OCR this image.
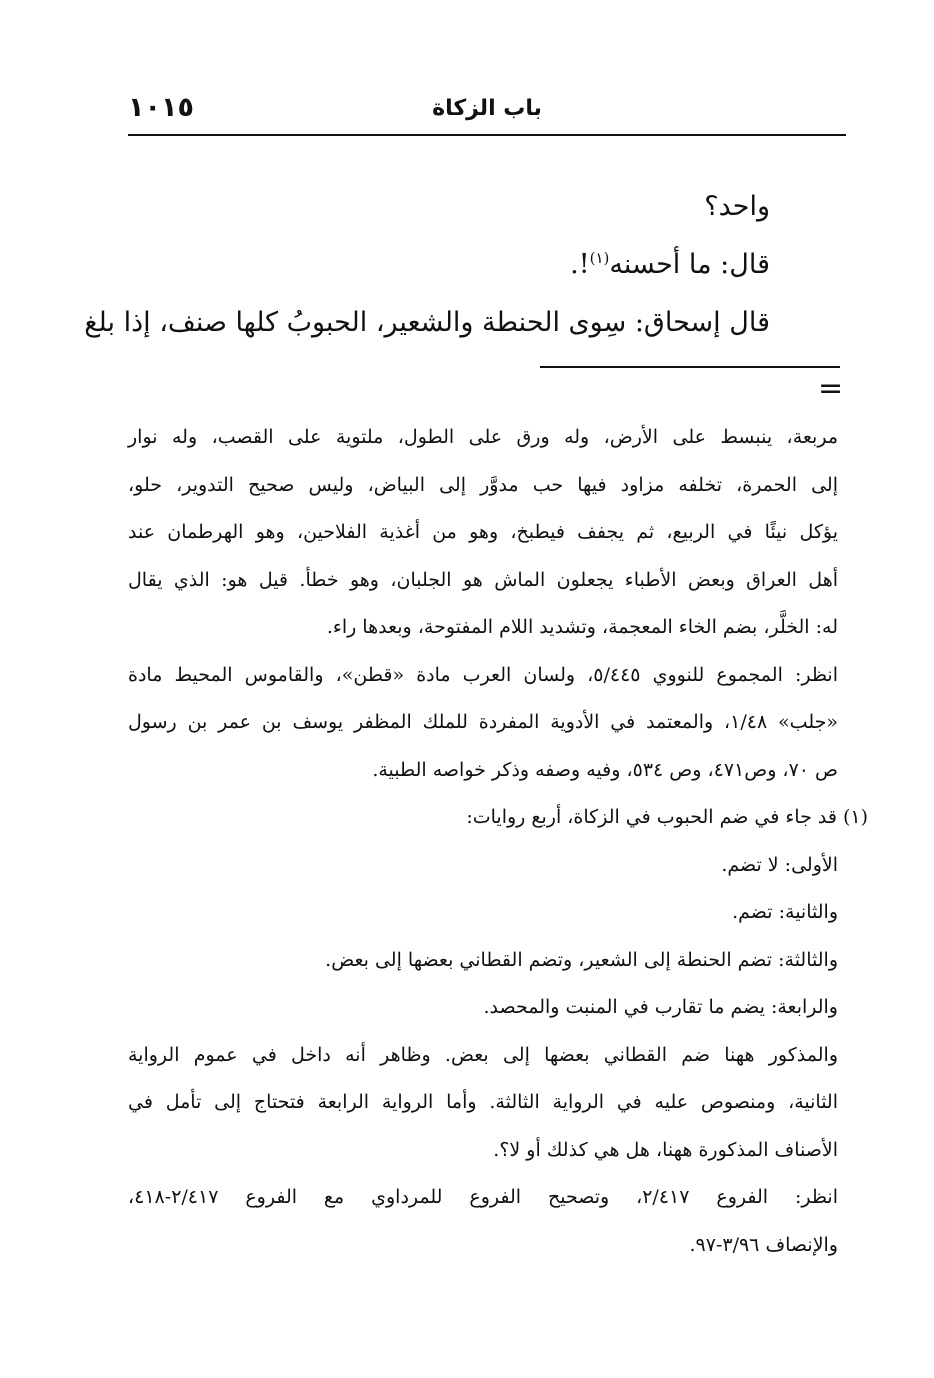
١٠١٥	باب الزكاة

واحد؟

قال: ما أحسنه$^{(١)}$!.

قال إسحاق: سِوى الحنطة والشعير، الحبوبُ كلها صنف، إذا بلغ

=
مربعة، ينبسط على الأرض، وله ورق على الطول، ملتوية على القصب، وله نوار
إلى الحمرة، تخلفه مزاود فيها حب مدوَّر إلى البياض، وليس صحيح التدوير، حلو،
يؤكل نيئًا في الربيع، ثم يجفف فيطبخ، وهو من أغذية الفلاحين، وهو الهرطمان عند
أهل العراق وبعض الأطباء يجعلون الماش هو الجلبان، وهو خطأ. قيل هو: الذي يقال
له: الخلَّر، بضم الخاء المعجمة، وتشديد اللام المفتوحة، وبعدها راء.
انظر: المجموع للنووي ٥/٤٤٥، ولسان العرب مادة «قطن»، والقاموس المحيط مادة
«جلب» ١/٤٨، والمعتمد في الأدوية المفردة للملك المظفر يوسف بن عمر بن رسول
ص ٧٠، وص٤٧١، وص ٥٣٤، وفيه وصفه وذكر خواصه الطبية.
(١) قد جاء في ضم الحبوب في الزكاة، أربع روايات:
الأولى: لا تضم.
والثانية: تضم.
والثالثة: تضم الحنطة إلى الشعير، وتضم القطاني بعضها إلى بعض.
والرابعة: يضم ما تقارب في المنبت والمحصد.
والمذكور ههنا ضم القطاني بعضها إلى بعض. وظاهر أنه داخل في عموم الرواية
الثانية، ومنصوص عليه في الرواية الثالثة. وأما الرواية الرابعة فتحتاج إلى تأمل في
الأصناف المذكورة ههنا، هل هي كذلك أو لا؟.
انظر: الفروع ٢/٤١٧، وتصحيح الفروع للمرداوي مع الفروع ٢/٤١٧-٤١٨،
والإنصاف ٣/٩٦-٩٧.
